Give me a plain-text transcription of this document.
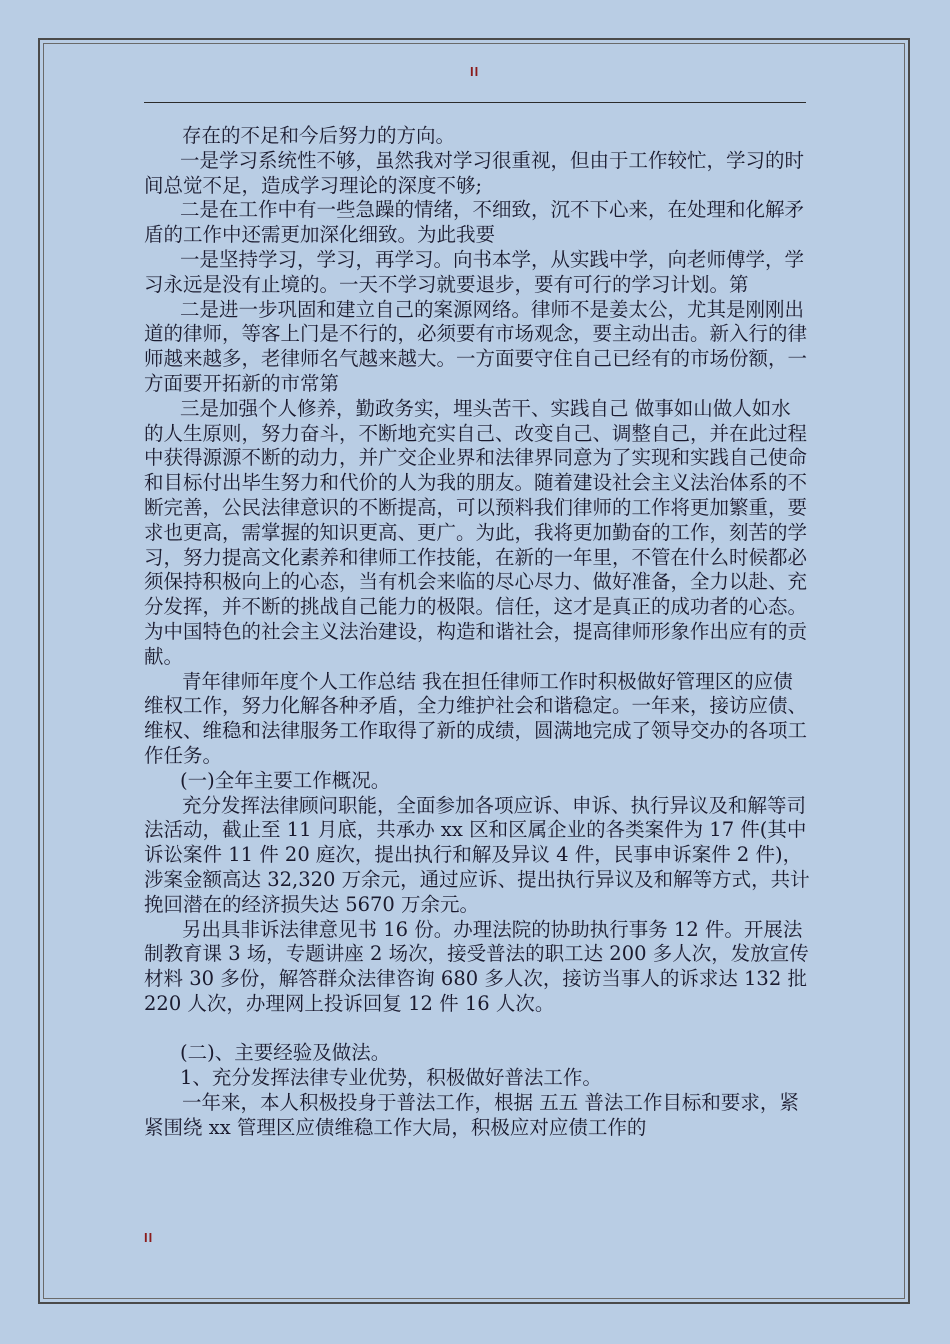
II

存在的不足和今后努力的方向。

一是学习系统性不够，虽然我对学习很重视，但由于工作较忙，学习的时间总觉不足，造成学习理论的深度不够;

二是在工作中有一些急躁的情绪，不细致，沉不下心来，在处理和化解矛盾的工作中还需更加深化细致。为此我要

一是坚持学习，学习，再学习。向书本学，从实践中学，向老师傅学，学习永远是没有止境的。一天不学习就要退步，要有可行的学习计划。第

二是进一步巩固和建立自己的案源网络。律师不是姜太公，尤其是刚刚出道的律师，等客上门是不行的，必须要有市场观念，要主动出击。新入行的律师越来越多，老律师名气越来越大。一方面要守住自己已经有的市场份额，一方面要开拓新的市常第

三是加强个人修养，勤政务实，埋头苦干、实践自己 做事如山做人如水 的人生原则，努力奋斗，不断地充实自己、改变自己、调整自己，并在此过程中获得源源不断的动力，并广交企业界和法律界同意为了实现和实践自己使命和目标付出毕生努力和代价的人为我的朋友。随着建设社会主义法治体系的不断完善，公民法律意识的不断提高，可以预料我们律师的工作将更加繁重，要求也更高，需掌握的知识更高、更广。为此，我将更加勤奋的工作，刻苦的学习，努力提高文化素养和律师工作技能，在新的一年里，不管在什么时候都必须保持积极向上的心态，当有机会来临的尽心尽力、做好准备，全力以赴、充分发挥，并不断的挑战自己能力的极限。信任，这才是真正的成功者的心态。为中国特色的社会主义法治建设，构造和谐社会，提高律师形象作出应有的贡献。

青年律师年度个人工作总结 我在担任律师工作时积极做好管理区的应债维权工作，努力化解各种矛盾，全力维护社会和谐稳定。一年来，接访应债、维权、维稳和法律服务工作取得了新的成绩，圆满地完成了领导交办的各项工作任务。

(一)全年主要工作概况。

充分发挥法律顾问职能，全面参加各项应诉、申诉、执行异议及和解等司法活动，截止至 11 月底，共承办 xx 区和区属企业的各类案件为 17 件(其中诉讼案件 11 件 20 庭次，提出执行和解及异议 4 件，民事申诉案件 2 件)，涉案金额高达 32,320 万余元，通过应诉、提出执行异议及和解等方式，共计挽回潜在的经济损失达 5670 万余元。

另出具非诉法律意见书 16 份。办理法院的协助执行事务 12 件。开展法制教育课 3 场，专题讲座 2 场次，接受普法的职工达 200 多人次，发放宣传材料 30 多份，解答群众法律咨询 680 多人次，接访当事人的诉求达 132 批 220 人次，办理网上投诉回复 12 件 16 人次。

(二)、主要经验及做法。

1、充分发挥法律专业优势，积极做好普法工作。

一年来，本人积极投身于普法工作，根据 五五 普法工作目标和要求，紧紧围绕 xx 管理区应债维稳工作大局，积极应对应债工作的

II
